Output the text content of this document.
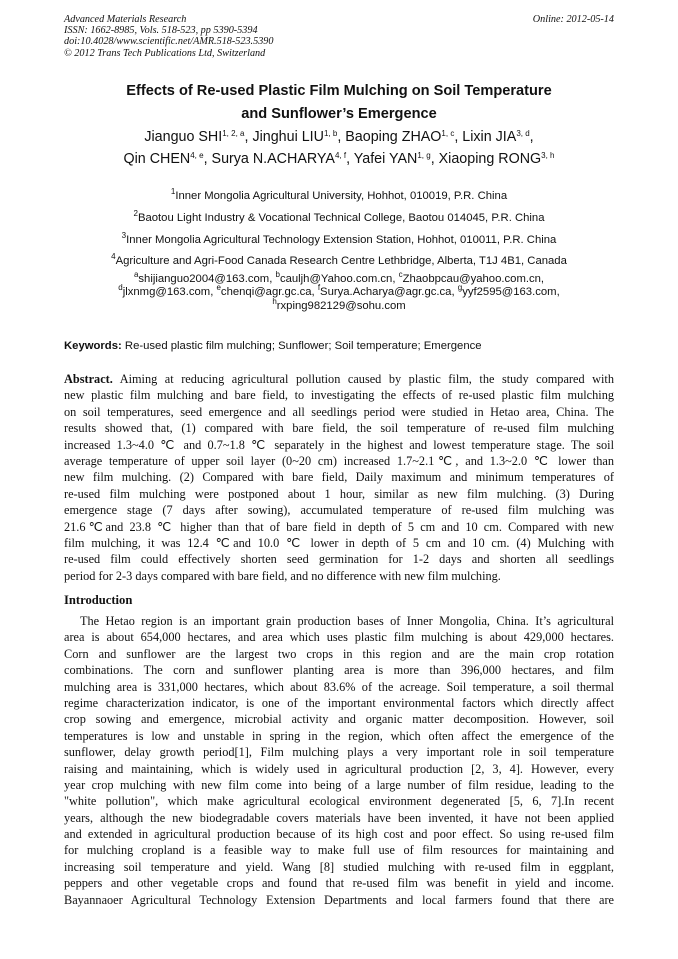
Advanced Materials Research
ISSN: 1662-8985, Vols. 518-523, pp 5390-5394
doi:10.4028/www.scientific.net/AMR.518-523.5390
© 2012 Trans Tech Publications Ltd, Switzerland
Online: 2012-05-14
Effects of Re-used Plastic Film Mulching on Soil Temperature
and Sunflower’s Emergence
Jianguo SHI$^{1, 2, a}$, Jinghui LIU$^{1, b}$, Baoping ZHAO$^{1, c}$, Lixin JIA$^{3, d}$,
Qin CHEN$^{4, e}$, Surya N.ACHARYA$^{4, f}$, Yafei YAN$^{1, g}$, Xiaoping RONG$^{3, h}$
$^1$Inner Mongolia Agricultural University, Hohhot, 010019, P.R. China
$^2$Baotou Light Industry & Vocational Technical College, Baotou 014045, P.R. China
$^3$Inner Mongolia Agricultural Technology Extension Station, Hohhot, 010011, P.R. China
$^4$Agriculture and Agri-Food Canada Research Centre Lethbridge, Alberta, T1J 4B1, Canada
$^a$shijianguo2004@163.com, $^b$cauljh@Yahoo.com.cn, $^c$Zhaobpcau@yahoo.com.cn,
$^d$jlxnmg@163.com, $^e$chenqi@agr.gc.ca, $^f$Surya.Acharya@agr.gc.ca, $^g$yyf2595@163.com,
$^h$rxping982129@sohu.com
Keywords: Re-used plastic film mulching; Sunflower; Soil temperature; Emergence
Abstract. Aiming at reducing agricultural pollution caused by plastic film, the study compared with
new plastic film mulching and bare field, to investigating the effects of re-used plastic film mulching
on soil temperatures, seed emergence and all seedlings period were studied in Hetao area, China. The
results showed that, (1) compared with bare field, the soil temperature of re-used film mulching
increased 1.3~4.0 ℃ and 0.7~1.8 ℃ separately in the highest and lowest temperature stage. The soil
average temperature of upper soil layer (0~20 cm) increased 1.7~2.1℃, and 1.3~2.0 ℃ lower than
new film mulching. (2) Compared with bare field, Daily maximum and minimum temperatures of
re-used film mulching were postponed about 1 hour, similar as new film mulching. (3) During
emergence stage (7 days after sowing), accumulated temperature of re-used film mulching was
21.6℃and 23.8 ℃ higher than that of bare field in depth of 5 cm and 10 cm. Compared with new
film mulching, it was 12.4 ℃and 10.0 ℃ lower in depth of 5 cm and 10 cm. (4) Mulching with
re-used film could effectively shorten seed germination for 1-2 days and shorten all seedlings
period for 2-3 days compared with bare field, and no difference with new film mulching.
Introduction
The Hetao region is an important grain production bases of Inner Mongolia, China. It’s agricultural
area is about 654,000 hectares, and area which uses plastic film mulching is about 429,000 hectares.
Corn and sunflower are the largest two crops in this region and are the main crop rotation
combinations. The corn and sunflower planting area is more than 396,000 hectares, and film
mulching area is 331,000 hectares, which about 83.6% of the acreage. Soil temperature, a soil thermal
regime characterization indicator, is one of the important environmental factors which directly affect
crop sowing and emergence, microbial activity and organic matter decomposition. However, soil
temperatures is low and unstable in spring in the region, which often affect the emergence of the
sunflower, delay growth period[1], Film mulching plays a very important role in soil temperature
raising and maintaining, which is widely used in agricultural production [2, 3, 4]. However, every
year crop mulching with new film come into being of a large number of film residue, leading to the
"white pollution", which make agricultural ecological environment degenerated [5, 6, 7].In recent
years, although the new biodegradable covers materials have been invented, it have not been applied
and extended in agricultural production because of its high cost and poor effect. So using re-used film
for mulching cropland is a feasible way to make full use of film resources for maintaining and
increasing soil temperature and yield. Wang [8] studied mulching with re-used film in eggplant,
peppers and other vegetable crops and found that re-used film was benefit in yield and income.
Bayannaoer Agricultural Technology Extension Departments and local farmers found that there are
